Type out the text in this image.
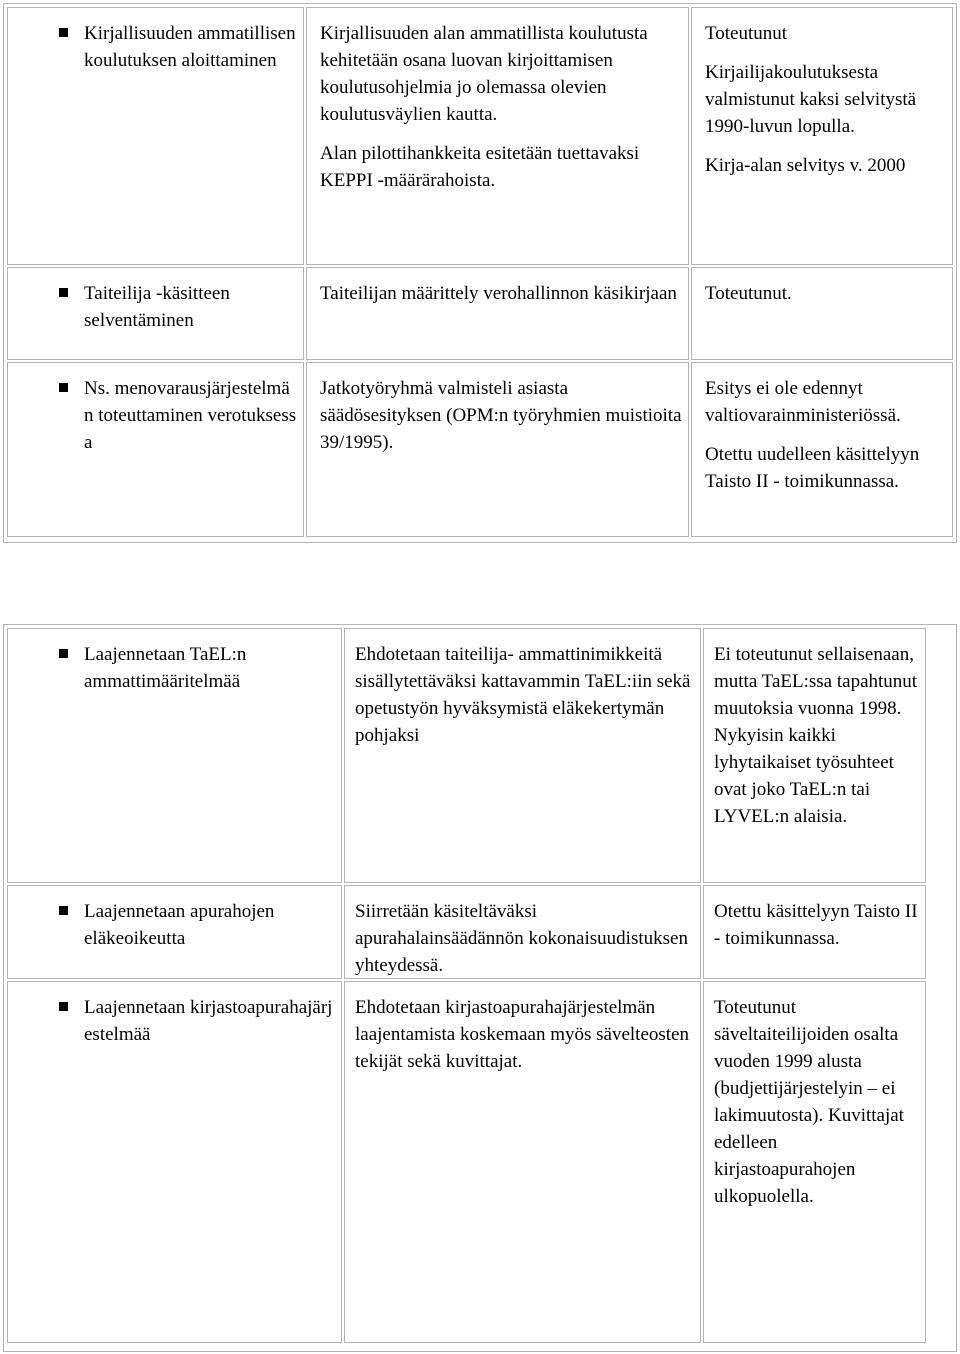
Kirjallisuuden ammatillisen koulutuksen aloittaminen

Kirjallisuuden alan ammatillista koulutusta kehitetään osana luovan kirjoittamisen koulutusohjelmia jo olemassa olevien koulutusväylien kautta.

Alan pilottihankkeita esitetään tuettavaksi KEPPI -määrärahoista.

Toteutunut

Kirjailijakoulutuksesta valmistunut kaksi selvitystä 1990-luvun lopulla.

Kirja-alan selvitys v. 2000

Taiteilija -käsitteen selventäminen

Taiteilijan määrittely verohallinnon käsikirjaan Toteutunut.

Ns. menovarausjärjestelmän toteuttaminen verotuksessa

Jatkotyöryhmä valmisteli asiasta säädösesityksen (OPM:n työryhmien muistioita 39/1995).

Esitys ei ole edennyt valtiovarainministeriössä.

Otettu uudelleen käsittelyyn Taisto II - toimikunnassa.

Laajennetaan TaEL:n ammattimääritelmää

Ehdotetaan taiteilija- ammattinimikkeitä sisällytettäväksi kattavammin TaEL:iin sekä opetustyön hyväksymistä eläkekertymän pohjaksi

Ei toteutunut sellaisenaan, mutta TaEL:ssa tapahtunut muutoksia vuonna 1998. Nykyisin kaikki lyhytaikaiset työsuhteet ovat joko TaEL:n tai LYVEL:n alaisia.

Laajennetaan apurahojen eläkeoikeutta

Siirretään käsiteltäväksi apurahalainsäädännön kokonaisuudistuksen yhteydessä.

Otettu käsittelyyn Taisto II - toimikunnassa.

Laajennetaan kirjastoapurahajärjestelmää

Ehdotetaan kirjastoapurahajärjestelmän laajentamista koskemaan myös sävelteosten tekijät sekä kuvittajat.

Toteutunut säveltaiteilijoiden osalta vuoden 1999 alusta (budjettijärjestelyin – ei lakimuutosta). Kuvittajat edelleen kirjastoapurahojen ulkopuolella.
